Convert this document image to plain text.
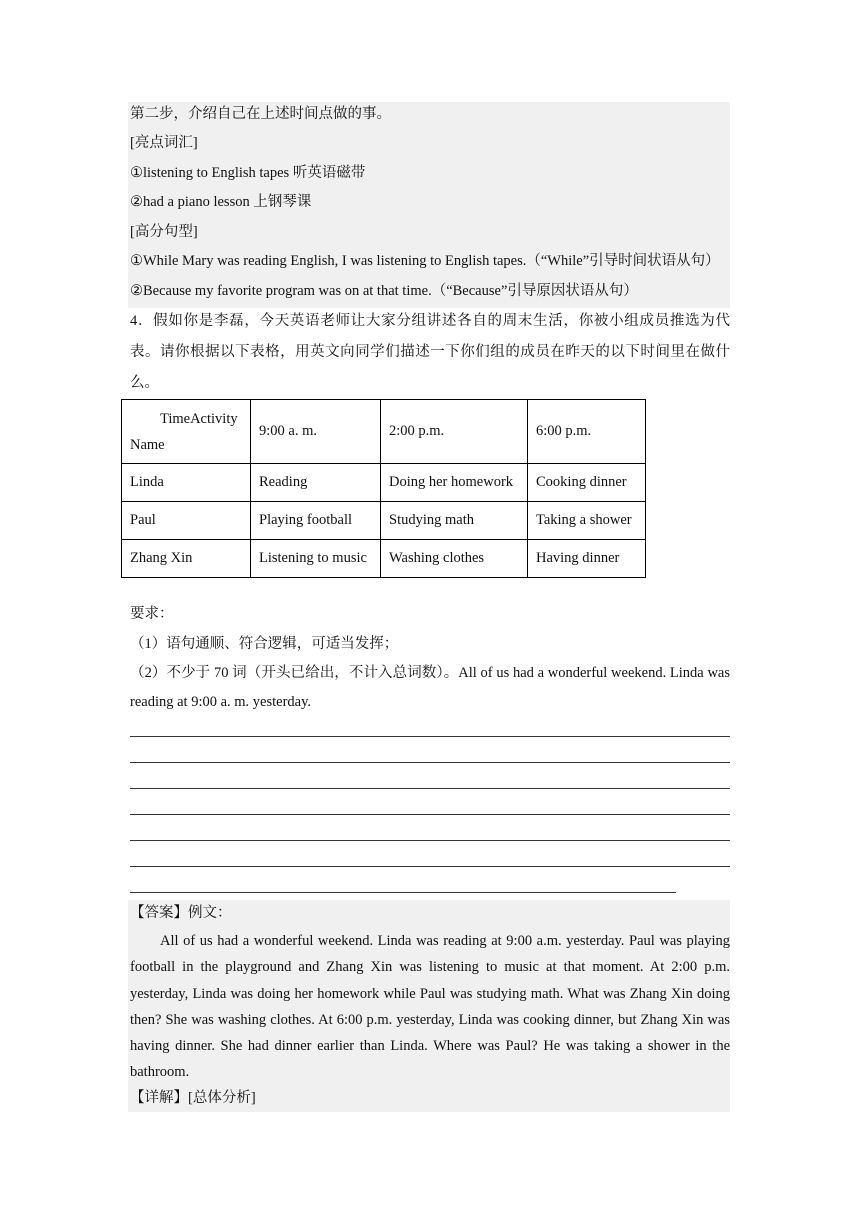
第二步，介绍自己在上述时间点做的事。
[亮点词汇]
①listening to English tapes 听英语磁带
②had a piano lesson 上钢琴课
[高分句型]
①While Mary was reading English, I was listening to English tapes.（“While”引导时间状语从句）
②Because my favorite program was on at that time.（“Because”引导原因状语从句）
4．假如你是李磊，今天英语老师让大家分组讲述各自的周末生活，你被小组成员推选为代表。请你根据以下表格，用英文向同学们描述一下你们组的成员在昨天的以下时间里在做什么。
TimeActivity
Name	9:00 a. m.	2:00 p.m.	6:00 p.m.
Linda	Reading	Doing her homework	Cooking dinner
Paul	Playing football	Studying math	Taking a shower
Zhang Xin	Listening to music	Washing clothes	Having dinner
要求：
（1）语句通顺、符合逻辑，可适当发挥；
（2）不少于 70 词（开头已给出，不计入总词数）。All of us had a wonderful weekend. Linda was reading at 9:00 a. m. yesterday.
【答案】例文：
All of us had a wonderful weekend. Linda was reading at 9:00 a.m. yesterday. Paul was playing football in the playground and Zhang Xin was listening to music at that moment. At 2:00 p.m. yesterday, Linda was doing her homework while Paul was studying math. What was Zhang Xin doing then? She was washing clothes. At 6:00 p.m. yesterday, Linda was cooking dinner, but Zhang Xin was having dinner. She had dinner earlier than Linda. Where was Paul? He was taking a shower in the bathroom.
【详解】[总体分析]
